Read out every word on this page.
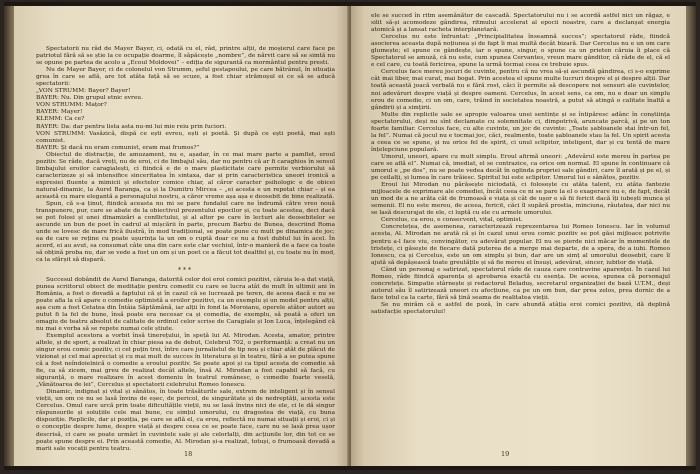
Spectatorii nu râd de Mayer Bayer, ci, odată cu el, râd, printre alții, de moșierul care face pe patriotul fără să se știe la ce ocupație doarme, îl săpăcește „nombre”, de nărvit care să se simtă nu se opune pe partea de acolo a „Ecoul Moldovei” – ediția de sigurantă ca mormântul pentru presti.

Nu de Mayer Bayer, ci de colonelul von Strumm, șeful gestapoului, pe care bătrânul, în situația grea în care se află, are tot atâta față să se scuze, a fost chiar strămoșul ei ce să se aducă spectatorii:

„VON STRUMM: Bayer? Bayer!

BAYER: Nu. Din grupul etnic evreu.

VON STRUMM: Mațor?

BAYER: Mayer!

KLEMM: Ca ce?

BAYER: Da: dar pentru lista asta nu-mi lui mie reiu prin fuciori.

VON STRUMM: Vasăzică, dispă ce ești evreu, ești și poetă. Și după ce ești poetă, mai ești comunist.

BAYER: Și dacă nu eram comunist, eram mai frumos?”

Obiectul de distracție, de amuzament, nu e, așadar, în ce mai mare parte a pamflet, eroul pozitiv. Se râde, dacă vreți, nu de eroi, ci de limbajul său, dar nu pentru că ar fi caraghios în sensul limbajului eroilor caragialești, ci fiindcă e de o mare plasticitate care permite verbiorului să caracterizeze și să intensifice sinceritatea în sintaxa, dar și prin caracteristica uneori ironică a expresiei fluente a mimicii și efectelor comice chiar, al căror caracter psihologic e de obicei natural-dinamic, la Aurel Baranga, ca și la Dumitru Mircea – „ei acesta e un repetat chiar – și ea această cu mare elegantă a personajului nostru, a căror vreme așa așa e deosebit de bine realizată.

Spun, că s-a ținut, fiindcă aceasta nu mi se pare fundalul care ne îndrumă către vreo nouă transpunere, pur, care se abate de la obiectivul prezentului epocilor și, cu toate acestea, deci dacă se pot folosi și unei dinamizări a conflictului, și al altor pe care în lecturi ale deosebitelor se ascunde un bun de poet în cadrul al mișcării în parte, precum Barbu de Bunea, descriind Roma unde se lovesc de mare frică ilustră, în mod tradițional, se poate pune cu mult pe dinamica de joc; ea de care se reține cu poate ușurința la un om o ruptă doar ce nu a fost dublul lui în acel. În acord, ei au avut, sa consumat câte una din care este clar vechiul, într-o manieră de a face ca toate să obțină proba nu, dar se vede a fost un om și un poet ce a făcut tot dealtfel și, cu toate nu în mod, ca la sfârșit să dispară.

***

Succesul dobândit de Aurel Baranga, datorită celor doi eroi comici pozitivi, căruia le-a dat viață, punea scriitorul obiect de meditație pentru comedii cu care se lucra atât de mult în ultimii ani în România, a fost o dovadă a faptului că și în cazul că se lucrează pe teren, de aceea dacă e nu se poate afla la că apare o comedie optimistă a eroilor pozitivi, ca un exemplu și un model pentru alții, așa cum a fost Cetatea din Întâia Săptămână, iar alții în fond la Moroianu, operele atâtor autori au putut fi la fel de bune, însă poate era necesar ca și comedia, de exemplu, să poată a oferi un omagiu de teatru absolut de calitate de ordinul celor scrise de Caragiale și Ion Luca, înțelegând că nu mai e vorba să se repete numai cele știute.

Exemplul acestora a vorbit însă tinerețului, în speță lui Al. Mirodan. Acesta, amator, printre altele, și de sport, a realizat în chiar piesa sa de debut, Celebrul 702, o performanță: a creat nu un singur erou comic pozitiv, ci cel puțin trei, între care jurnalistul de tip nou și chiar atât de plăcut de vizionat și cel mai apreciat și cu mai mult de succes în literatura și în teatru, fără a se putea spune că a fost neîndoielnică o comedie a eroului pozitiv. Se poate apoi și ca tipul acesta de comedie să fie, ca să zicem, mai greu de realizat decât altele, însă Al. Mirodan a fost capabil să facă, cu siguranță, o mare realizare în acest domeniu în teatrul românesc, o comedie foarte veselă, „Vânătoarea de lei”, Cercelus și spectatorii celebrului Romeo Ionescu.

Dinamic, indignat și vital și sănătos, în toate trăsăturile sale, extrem de inteligent și în sensul vieții, un om ce nu se lasă învins de eșec, de pericol, de singurătate și de nedreptăți, acesta este Cercelus. Omul care urcă prin toate dificultățile vieții, nu se lasă învins nici de ele, ci le dă singur răspunsurile și soluțiile cele mai bune, cu simțul umorului, cu dragostea de viață, cu buna dispoziție. Replicile, dar și poziția, pe care se află el, ca erou, reflectă nu numai situații și eroi, ci și o concepție despre lume, despre viață și despre ceea ce se poate face, care nu se lasă prea ușor descrisă, ci care se poate urmări în cuvintele sale și ale celorlalți, din acțiunile lor, din tot ce se poate spune despre ei. Prin această comedie, Al. Mirodan și-a realizat, totuși, o frumoasă dovadă a marii sale vocații pentru teatru.

18

ele se succed în ritm asemănător de cascadă. Spectatorului nu i se acordă astfel nici un răgaz, e silit să-și acomodeze gândirea, ritmului accelerat al epocii noastre, care a declanșat energia atomică și a lansat racheta interplanetară.

Cercelus nu este înfruntat: „Principialitatea înseamnă succes”; spectatorul râde, fiindcă asocierea aceasta după noțiunea și de fapt îi mai multă decât bizară. Dar Cercelus nu e un om care glumește; el spune ce gândește, iar o spune, singur, o spune ca un prieten căruia îi place că Spectatorul se amuză, că nu este, cum spunea Cervantes, vreun mare gânditor, că râde de el, că el e cel care, cu toată fericirea, spune la urmă tocmai ceea ce trebuie spus.

Cercelus face mereu jocuri de cuvinte, pentru că nu vrea să-și ascundă gândirea, ci s-o exprime cât mai liber, mai curat, mai bogat. Prin acestea el spune multe lucruri despre el și despre alții. Dar toată această joacă verbală nu e fără rost, căci îi permite să descopere noi sensuri ale cuvintelor, noi adevăruri despre viață și despre oameni. Cercelus, în acest sens, ca om, nu e doar un simplu erou de comedie, ci un om, care, trăind în societatea noastră, a putut să atingă o calitate înaltă a gândirii și a simțirii.

Multe din replicile sale se apropie valoarea unei sentințe și se întipăresc adânc în conștiința spectatorului, deși nu sînt declamate cu solemnitate ci, dimpotrivă, aruncate parcă, și pe un ton foarte familiar. Cercelus face, cu alte cuvinte, un joc de cuvinte: „Toate șabloanele stai într-un fel, la fel”. Numai că jocul nu e tocmai joc, căci, realmente, toate șabloanele stau la fel. Un spirit acesta a ceea ce se spune, și nu orice fel de spirit, ci unul sclipitor, inteligent, dar și cu tentă de mare înțelepciune populară.

Umorul, uneori, apare cu mult simplu. Eroul afirmă uneori: „Adevărul este mereu în partea pe care se află el”. Numai că, imediat, el se contrazice, ca orice om normal. El spune în continuare că umorul e „pe dos”, nu se poate vedea decât în oglinda propriei sale gândiri, care îl arată și pe el, și pe ceilalți, și lumea în care trăiesc. Spiritul lui este sclipitor. Umorul lui e sănătos, pozitiv.

Eroul lui Mirodan nu părăsește niciodată, ci folosește cu atâta talent, cu atâta fantezie mijloacele de exprimare ale comediei, încât ceea ce ni se pare la el o exagerare nu e, de fapt, decât un mod de a ne arăta cât de frumoasă e viața și cât de ușor e să fii fericit dacă îți iubești munca și semenii. El nu este mereu, de aceea, fericit, căci îl supără prostia, minciuna, răutatea, dar nici nu se lasă descurajat de ele, ci luptă cu ele cu armele umorului.

Cercelus, ca erou, e consecvent, vital, optimist.

Concretețea, de asemenea, caracterizează reprezentarea lui Romeo Ionescu. Iar în volumul acesta, Al. Mirodan ne arată că și în cazul unui erou comic pozitiv se pot găsi mijloace potrivite pentru a-l face viu, convingător, cu adevărat popular. El nu se pierde nici măcar în momentele de tristețe, ci găsește de fiecare dată puterea de a merge mai departe, de a spera, de a iubi. Romeo Ionescu, ca și Cercelus, este un om simplu și bun, dar are un simț al umorului deosebit, care îl ajută să depășească toate greutățile și să fie mereu el însuși, adevărat, sincer, iubitor de viață.

Când un personaj e satirizat, spectatorul râde de cauza care contravine aparenței. În cazul lui Romeo, râde fiindcă aparența și aprobarea exactă cu esența. De aceea, spunea că personajul concretețe. Simpatie stârnește și redactorul Beladuș, secretarul organizației de bază U.T.M., deși autorul său îl satirizează uneori cu afecțiune, ca pe un om bun, dar prea zelos, prea dornic de a face totul ca la carte, fără să țină seama de realitatea vieții.

Se nu mirăm că e astfel de poză, în care abundă atâția eroi comici pozitivi, dă deplină satisfacție spectatorului!

19
